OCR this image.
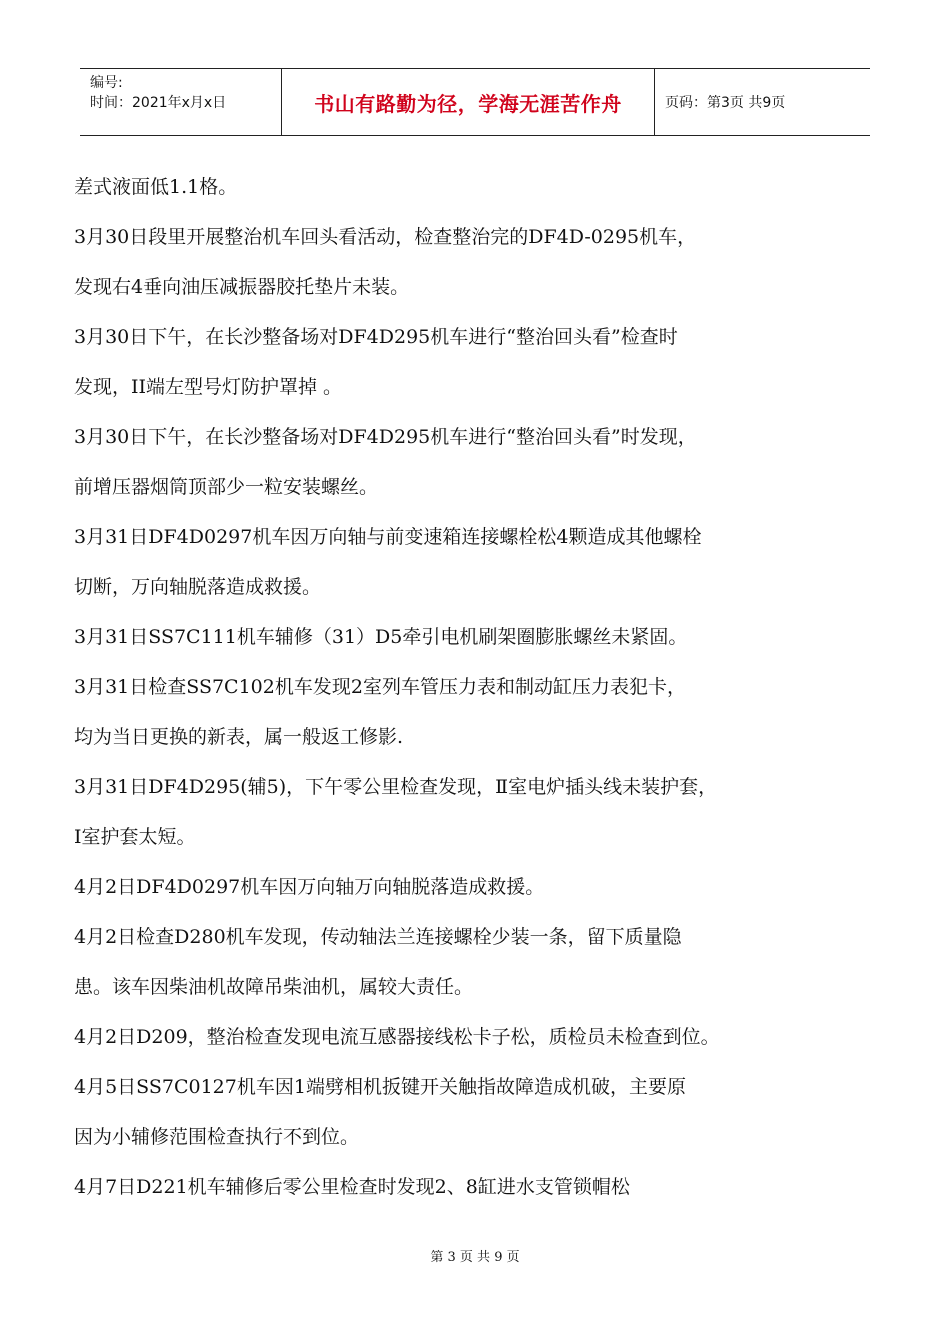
编号:
时间：2021年x月x日	书山有路勤为径，学海无涯苦作舟	页码：第3页 共9页
差式液面低1.1格。
3月30日段里开展整治机车回头看活动，检查整治完的DF4D-0295机车，
发现右4垂向油压减振器胶托垫片未装。
3月30日下午，在长沙整备场对DF4D295机车进行“整治回头看”检查时
发现，II端左型号灯防护罩掉 。
3月30日下午，在长沙整备场对DF4D295机车进行“整治回头看”时发现，
前增压器烟筒顶部少一粒安装螺丝。
3月31日DF4D0297机车因万向轴与前变速箱连接螺栓松4颗造成其他螺栓
切断，万向轴脱落造成救援。
3月31日SS7C111机车辅修（31）D5牵引电机刷架圈膨胀螺丝未紧固。
3月31日检查SS7C102机车发现2室列车管压力表和制动缸压力表犯卡，
均为当日更换的新表，属一般返工修影.
3月31日DF4D295(辅5)，下午零公里检查发现，Ⅱ室电炉插头线未装护套，
Ⅰ室护套太短。
4月2日DF4D0297机车因万向轴万向轴脱落造成救援。
4月2日检查D280机车发现，传动轴法兰连接螺栓少装一条，留下质量隐
患。该车因柴油机故障吊柴油机，属较大责任。
4月2日D209，整治检查发现电流互感器接线松卡子松，质检员未检查到位。
4月5日SS7C0127机车因1端劈相机扳键开关触指故障造成机破，主要原
因为小辅修范围检查执行不到位。
4月7日D221机车辅修后零公里检查时发现2、8缸进水支管锁帽松
第 3 页 共 9 页
